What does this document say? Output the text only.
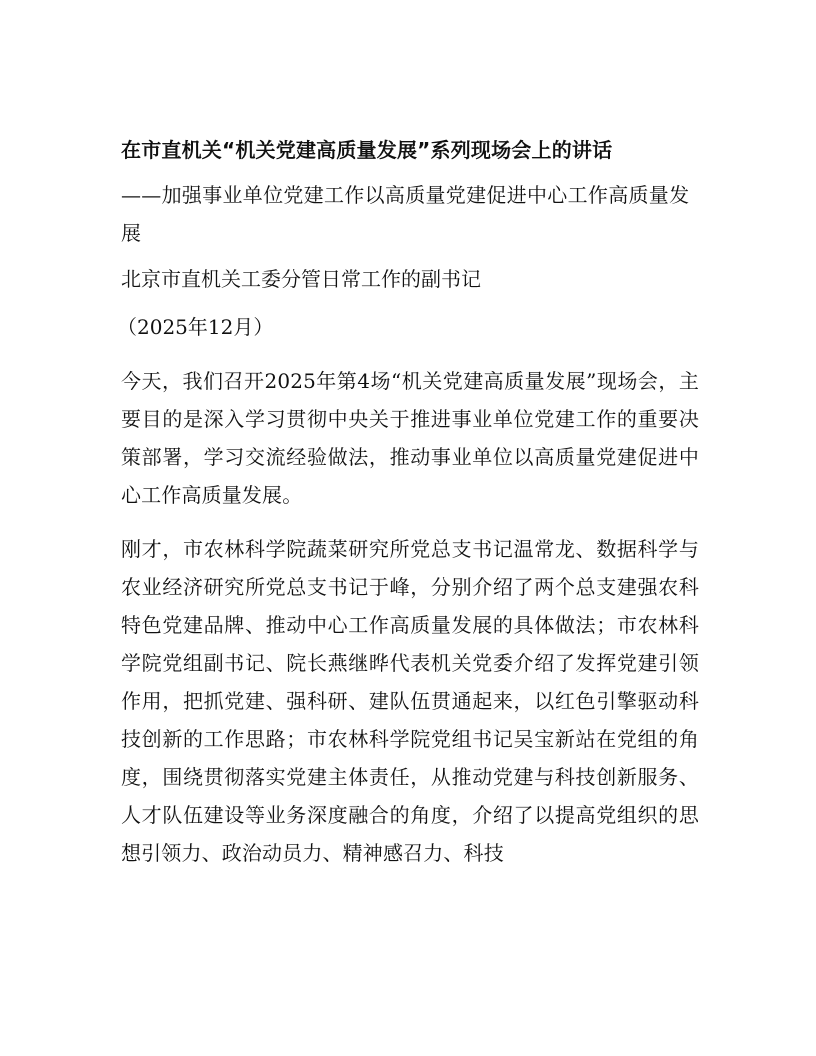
在市直机关“机关党建高质量发展”系列现场会上的讲话

——加强事业单位党建工作以高质量党建促进中心工作高质量发展

北京市直机关工委分管日常工作的副书记

（2025年12月）

今天，我们召开2025年第4场“机关党建高质量发展”现场会，主要目的是深入学习贯彻中央关于推进事业单位党建工作的重要决策部署，学习交流经验做法，推动事业单位以高质量党建促进中心工作高质量发展。

刚才，市农林科学院蔬菜研究所党总支书记温常龙、数据科学与农业经济研究所党总支书记于峰，分别介绍了两个总支建强农科特色党建品牌、推动中心工作高质量发展的具体做法；市农林科学院党组副书记、院长燕继晔代表机关党委介绍了发挥党建引领作用，把抓党建、强科研、建队伍贯通起来，以红色引擎驱动科技创新的工作思路；市农林科学院党组书记吴宝新站在党组的角度，围绕贯彻落实党建主体责任，从推动党建与科技创新服务、人才队伍建设等业务深度融合的角度，介绍了以提高党组织的思想引领力、政治动员力、精神感召力、科技
